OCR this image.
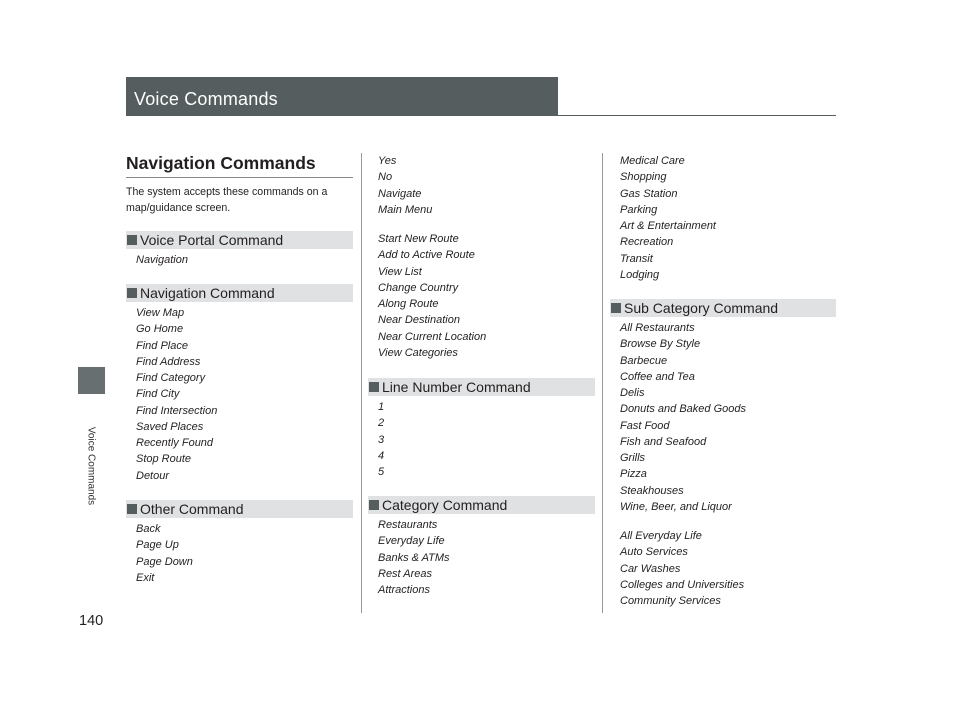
Voice Commands
140
Voice Commands
Navigation Commands

The system accepts these commands on a map/guidance screen.

Voice Portal Command
Navigation
Navigation Command
View Map
Go Home
Find Place
Find Address
Find Category
Find City
Find Intersection
Saved Places
Recently Found
Stop Route
Detour
Other Command
Back
Page Up
Page Down
Exit
Yes
No
Navigate
Main Menu
Start New Route
Add to Active Route
View List
Change Country
Along Route
Near Destination
Near Current Location
View Categories
Line Number Command
1
2
3
4
5
Category Command
Restaurants
Everyday Life
Banks & ATMs
Rest Areas
Attractions
Medical Care
Shopping
Gas Station
Parking
Art & Entertainment
Recreation
Transit
Lodging
Sub Category Command
All Restaurants
Browse By Style
Barbecue
Coffee and Tea
Delis
Donuts and Baked Goods
Fast Food
Fish and Seafood
Grills
Pizza
Steakhouses
Wine, Beer, and Liquor
All Everyday Life
Auto Services
Car Washes
Colleges and Universities
Community Services
